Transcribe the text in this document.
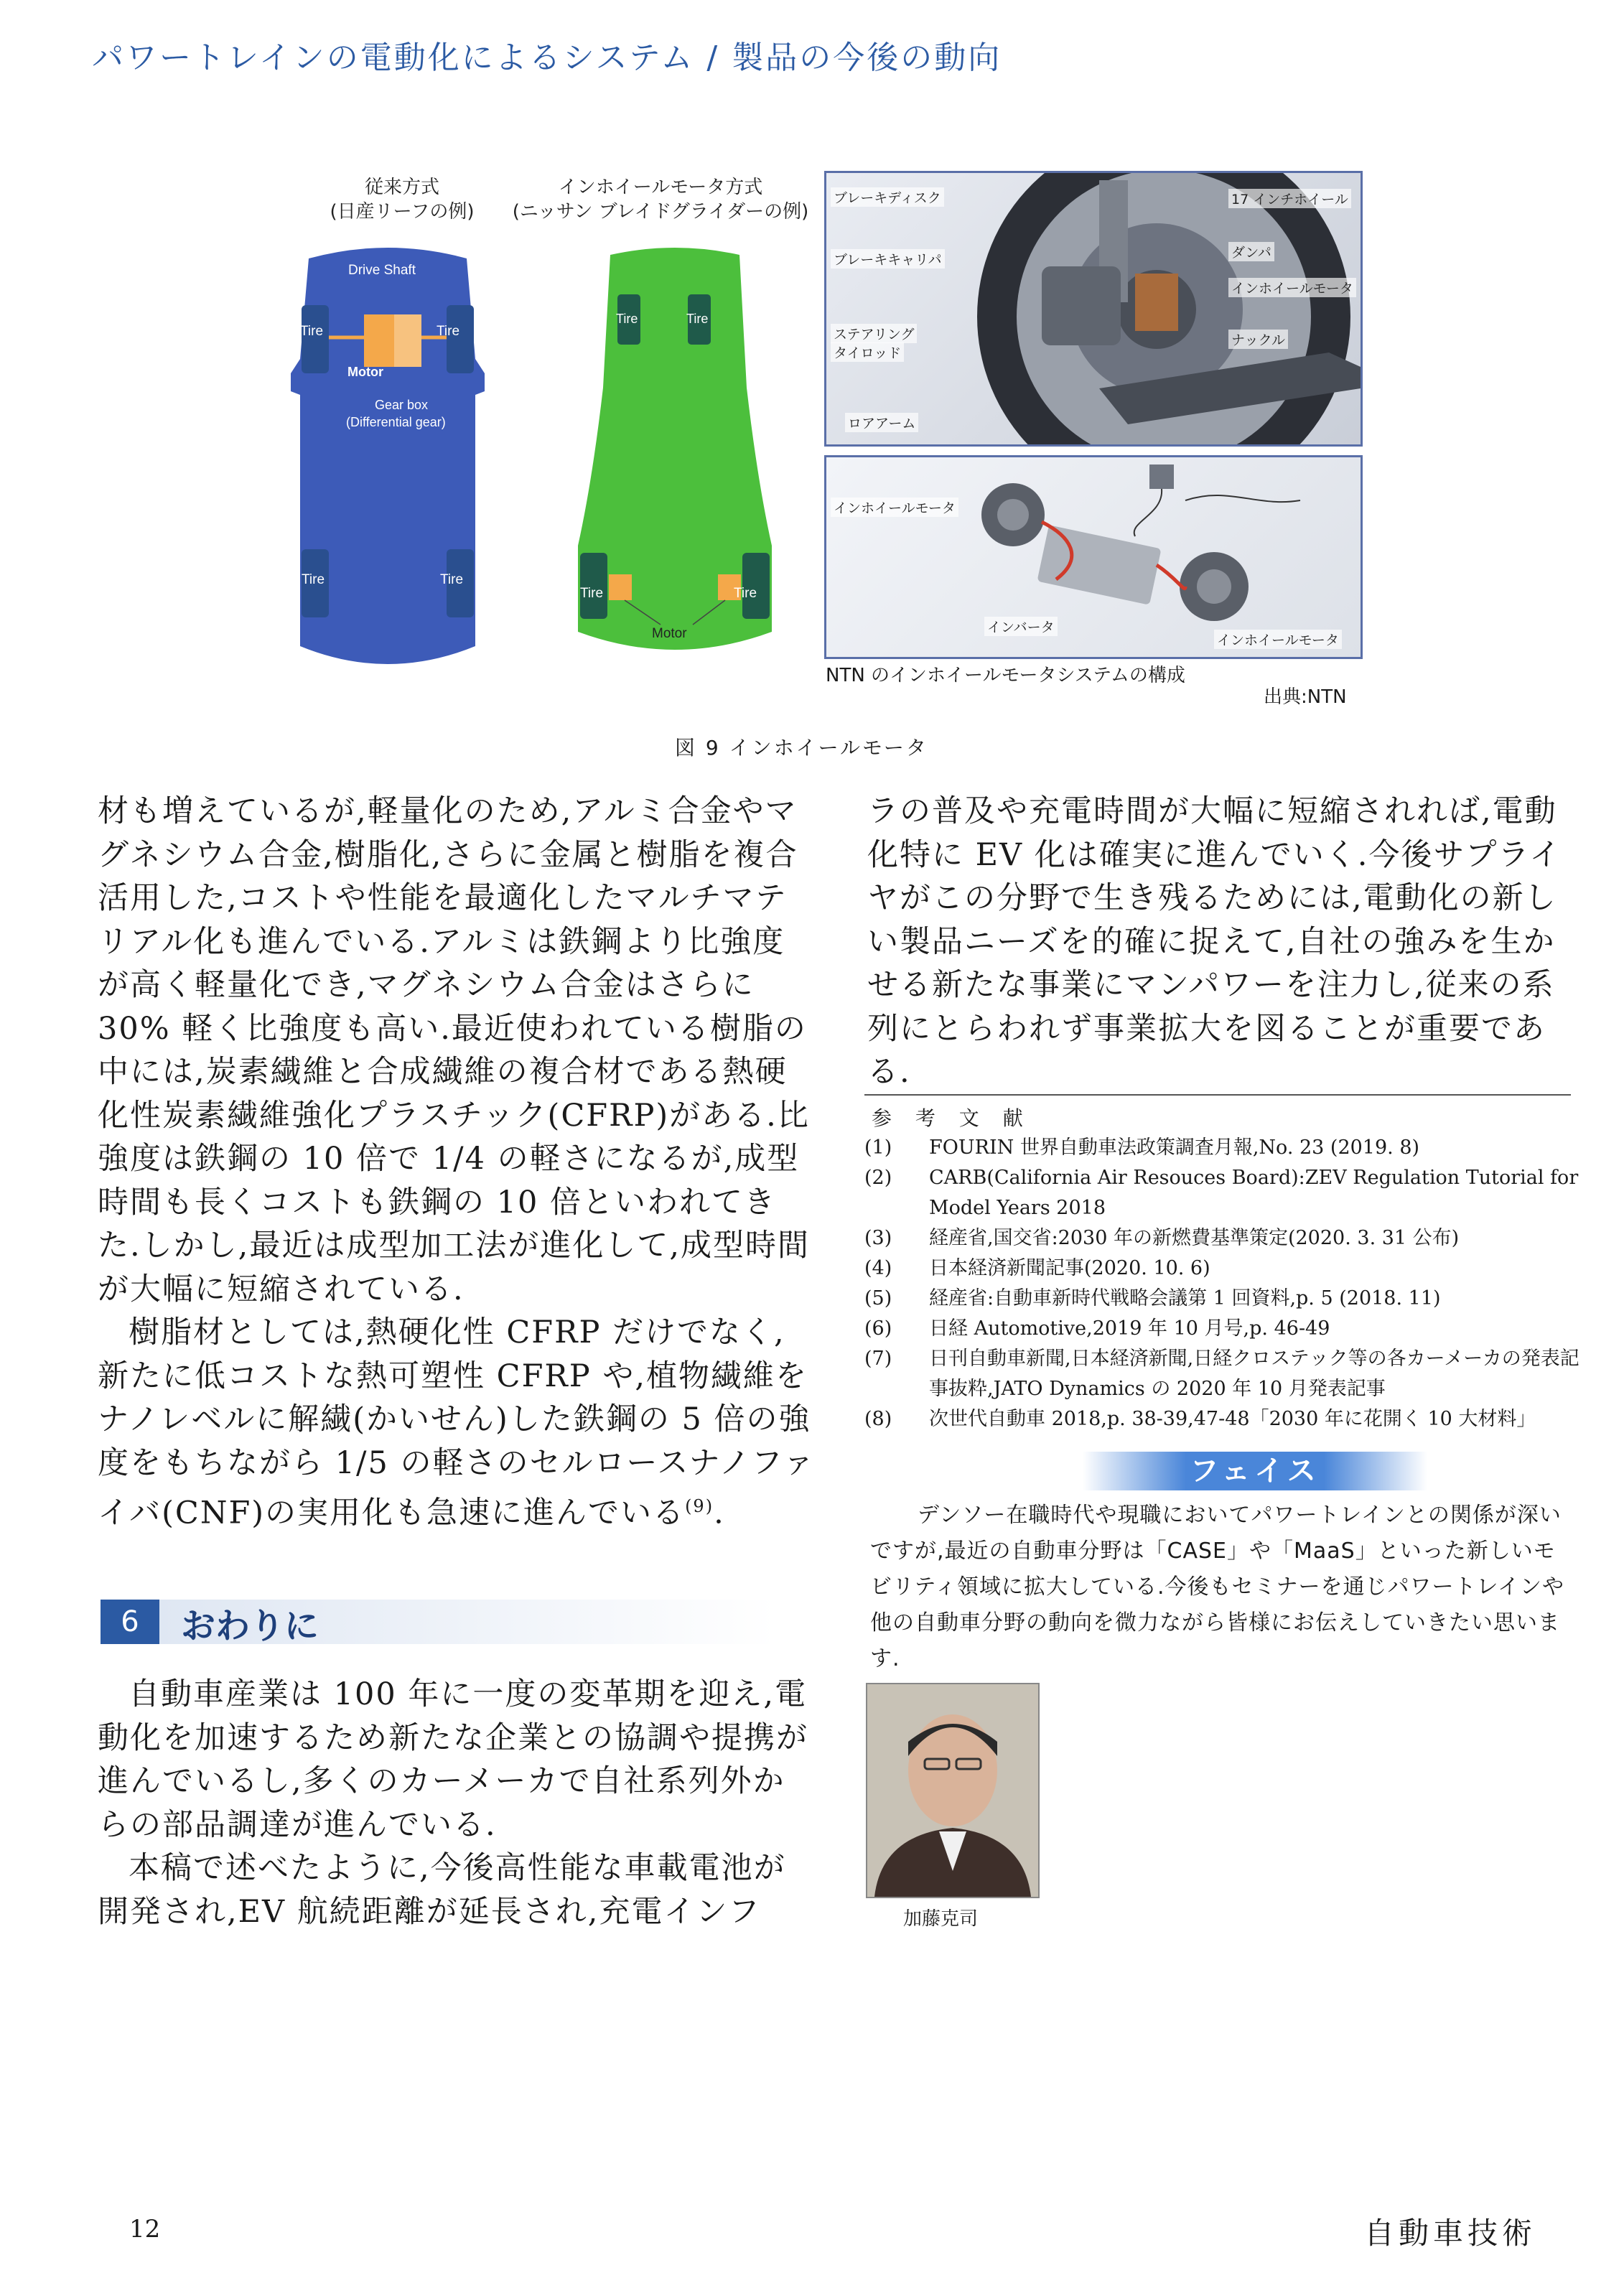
パワートレインの電動化によるシステム / 製品の今後の動向
従来方式
(日産リーフの例)
インホイールモータ方式
(ニッサン ブレイドグライダーの例)
Drive Shaft
Tire	Tire
Motor
Gear box
(Differential gear)
Tire	Tire
Tire	Tire
Tire	Tire
Motor
ブレーキディスク
ブレーキキャリパ
ステアリング
タイロッド
ロアアーム
17 インチホイール
ダンパ
インホイールモータ
ナックル
インホイールモータ
インバータ
インホイールモータ
NTN のインホイールモータシステムの構成
出典:NTN
図 9 インホイールモータ

材も増えているが,軽量化のため,アルミ合金やマグネシウム合金,樹脂化,さらに金属と樹脂を複合活用した,コストや性能を最適化したマルチマテリアル化も進んでいる.アルミは鉄鋼より比強度が高く軽量化でき,マグネシウム合金はさらに 30% 軽く比強度も高い.最近使われている樹脂の中には,炭素繊維と合成繊維の複合材である熱硬化性炭素繊維強化プラスチック(CFRP)がある.比強度は鉄鋼の 10 倍で 1/4 の軽さになるが,成型時間も長くコストも鉄鋼の 10 倍といわれてきた.しかし,最近は成型加工法が進化して,成型時間が大幅に短縮されている.

樹脂材としては,熱硬化性 CFRP だけでなく,新たに低コストな熱可塑性 CFRP や,植物繊維をナノレベルに解繊(かいせん)した鉄鋼の 5 倍の強度をもちながら 1/5 の軽さのセルロースナノファイバ(CNF)の実用化も急速に進んでいる$^{(9)}$.

6	おわりに

自動車産業は 100 年に一度の変革期を迎え,電動化を加速するため新たな企業との協調や提携が進んでいるし,多くのカーメーカで自社系列外からの部品調達が進んでいる.

本稿で述べたように,今後高性能な車載電池が開発され,EV 航続距離が延長され,充電インフ

ラの普及や充電時間が大幅に短縮されれば,電動化特に EV 化は確実に進んでいく.今後サプライヤがこの分野で生き残るためには,電動化の新しい製品ニーズを的確に捉えて,自社の強みを生かせる新たな事業にマンパワーを注力し,従来の系列にとらわれず事業拡大を図ることが重要である.

参 考 文 献
(1) FOURIN 世界自動車法政策調査月報,No. 23 (2019. 8)
(2) CARB(California Air Resouces Board):ZEV Regulation Tutorial for Model Years 2018
(3) 経産省,国交省:2030 年の新燃費基準策定(2020. 3. 31 公布)
(4) 日本経済新聞記事(2020. 10. 6)
(5) 経産省:自動車新時代戦略会議第 1 回資料,p. 5 (2018. 11)
(6) 日経 Automotive,2019 年 10 月号,p. 46-49
(7) 日刊自動車新聞,日本経済新聞,日経クロステック等の各カーメーカの発表記事抜粋,JATO Dynamics の 2020 年 10 月発表記事
(8) 次世代自動車 2018,p. 38-39,47-48「2030 年に花開く 10 大材料」
フェイス
デンソー在職時代や現職においてパワートレインとの関係が深いですが,最近の自動車分野は「CASE」や「MaaS」といった新しいモビリティ領域に拡大している.今後もセミナーを通じパワートレインや他の自動車分野の動向を微力ながら皆様にお伝えしていきたい思います.
加藤克司
12	自動車技術
